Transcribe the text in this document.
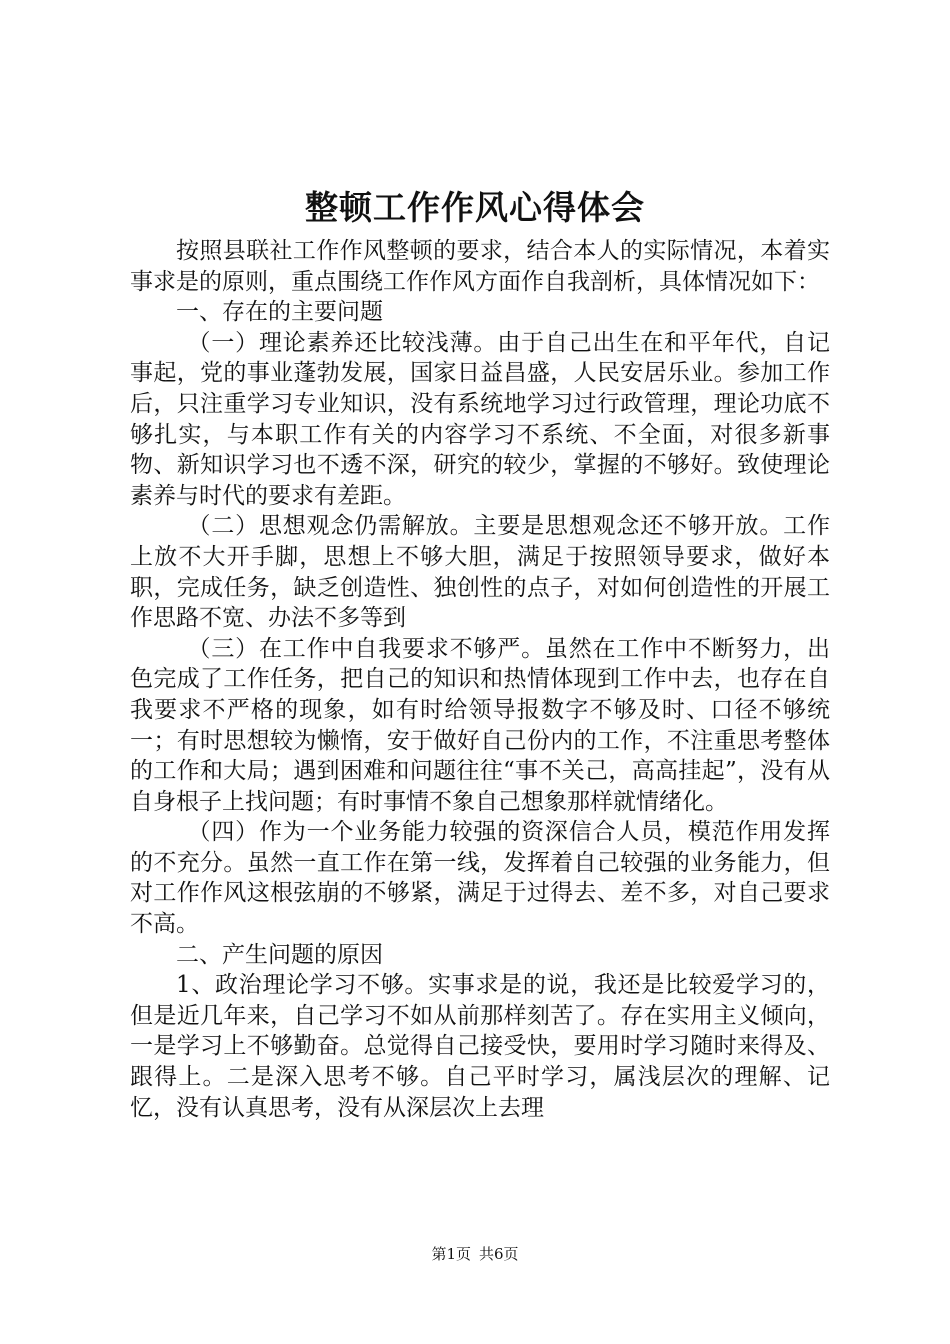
整顿工作作风心得体会

按照县联社工作作风整顿的要求，结合本人的实际情况，本着实事求是的原则，重点围绕工作作风方面作自我剖析，具体情况如下：

一、存在的主要问题

（一）理论素养还比较浅薄。由于自己出生在和平年代，自记事起，党的事业蓬勃发展，国家日益昌盛，人民安居乐业。参加工作后，只注重学习专业知识，没有系统地学习过行政管理，理论功底不够扎实，与本职工作有关的内容学习不系统、不全面，对很多新事物、新知识学习也不透不深，研究的较少，掌握的不够好。致使理论素养与时代的要求有差距。

（二）思想观念仍需解放。主要是思想观念还不够开放。工作上放不大开手脚，思想上不够大胆，满足于按照领导要求，做好本职，完成任务，缺乏创造性、独创性的点子，对如何创造性的开展工作思路不宽、办法不多等到

（三）在工作中自我要求不够严。虽然在工作中不断努力，出色完成了工作任务，把自己的知识和热情体现到工作中去，也存在自我要求不严格的现象，如有时给领导报数字不够及时、口径不够统一；有时思想较为懒惰，安于做好自己份内的工作，不注重思考整体的工作和大局；遇到困难和问题往往“事不关己，高高挂起”，没有从自身根子上找问题；有时事情不象自己想象那样就情绪化。

（四）作为一个业务能力较强的资深信合人员，模范作用发挥的不充分。虽然一直工作在第一线，发挥着自己较强的业务能力，但对工作作风这根弦崩的不够紧，满足于过得去、差不多，对自己要求不高。

二、产生问题的原因

1、政治理论学习不够。实事求是的说，我还是比较爱学习的，但是近几年来，自己学习不如从前那样刻苦了。存在实用主义倾向，一是学习上不够勤奋。总觉得自己接受快，要用时学习随时来得及、跟得上。二是深入思考不够。自己平时学习，属浅层次的理解、记忆，没有认真思考，没有从深层次上去理

第1页 共6页
